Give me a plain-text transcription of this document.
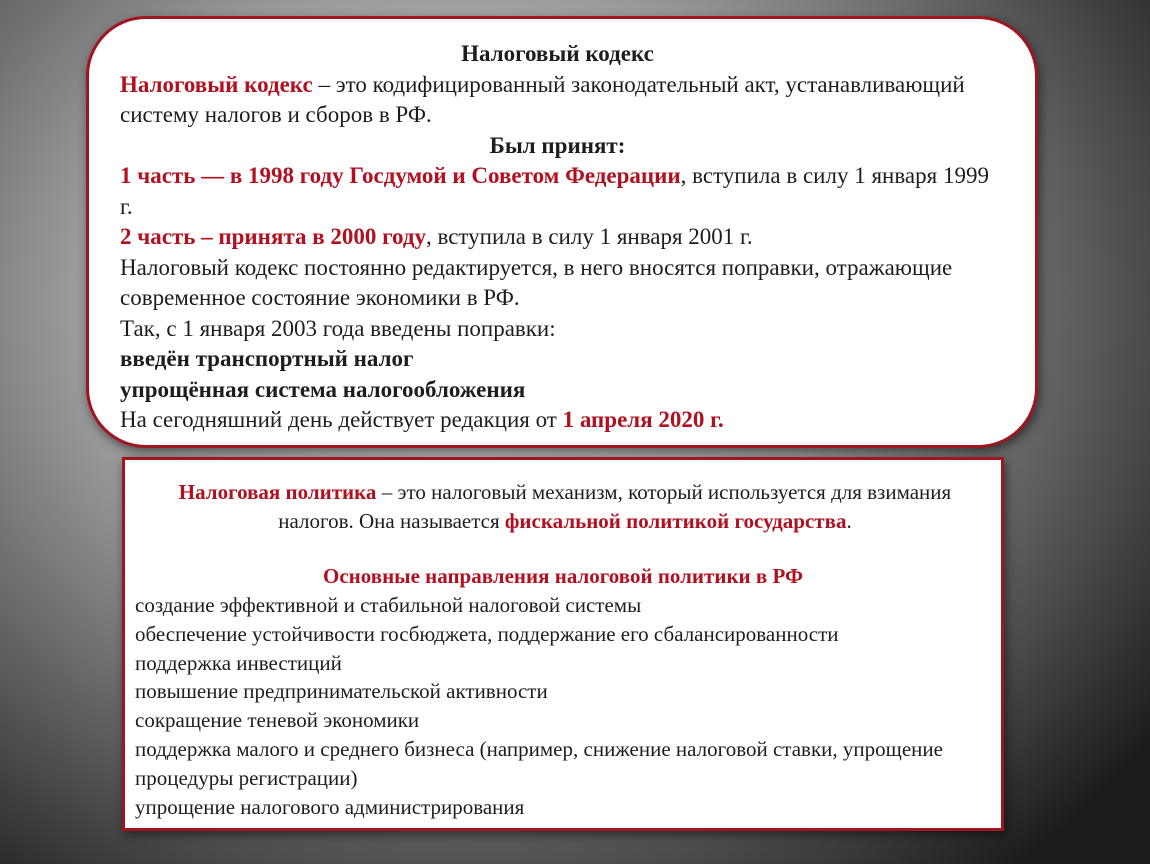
Налоговый кодекс
Налоговый кодекс – это кодифицированный законодательный акт, устанавливающий систему налогов и сборов в РФ.
Был принят:
1 часть — в 1998 году Госдумой и Советом Федерации, вступила в силу 1 января 1999 г.
2 часть – принята в 2000 году, вступила в силу 1 января 2001 г.
Налоговый кодекс постоянно редактируется, в него вносятся поправки, отражающие современное состояние экономики в РФ.
Так, с 1 января 2003 года введены поправки:
введён транспортный налог
упрощённая система налогообложения
На сегодняшний день действует редакция от 1 апреля 2020 г.
Налоговая политика – это налоговый механизм, который используется для взимания налогов. Она называется фискальной политикой государства.
Основные направления налоговой политики в РФ
создание эффективной и стабильной налоговой системы
обеспечение устойчивости госбюджета, поддержание его сбалансированности
поддержка инвестиций
повышение предпринимательской активности
сокращение теневой экономики
поддержка малого и среднего бизнеса (например, снижение налоговой ставки, упрощение процедуры регистрации)
упрощение налогового администрирования
